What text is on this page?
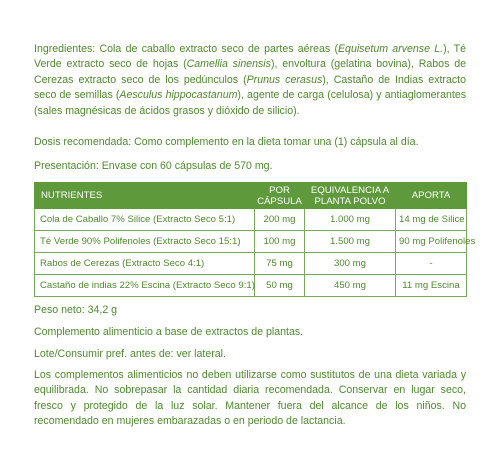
Ingredientes: Cola de caballo extracto seco de partes aéreas (Equisetum arvense L.), Té Verde extracto seco de hojas (Camellia sinensis), envoltura (gelatina bovina), Rabos de Cerezas extracto seco de los pedúnculos (Prunus cerasus), Castaño de Indias extracto seco de semillas (Aesculus hippocastanum), agente de carga (celulosa) y antiaglomerantes (sales magnésicas de ácidos grasos y dióxido de silicio).
Dosis recomendada: Como complemento en la dieta tomar una (1) cápsula al día.
Presentación: Envase con 60 cápsulas de 570 mg.
NUTRIENTES	POR CÁPSULA	EQUIVALENCIA A PLANTA POLVO	APORTA
Cola de Caballo 7% Silice (Extracto Seco 5:1)	200 mg	1.000 mg	14 mg de Silice
Té Verde 90% Polifenoles (Extracto Seco 15:1)	100 mg	1.500 mg	90 mg Polifenoles
Rabos de Cerezas (Extracto Seco 4:1)	75 mg	300 mg	-
Castaño de indias 22% Escina (Extracto Seco 9:1)	50 mg	450 mg	11 mg Escina
Peso neto: 34,2 g
Complemento alimenticio a base de extractos de plantas.
Lote/Consumir pref. antes de: ver lateral.
Los complementos alimenticios no deben utilizarse como sustitutos de una dieta variada y equilibrada. No sobrepasar la cantidad diaria recomendada. Conservar en lugar seco, fresco y protegido de la luz solar. Mantener fuera del alcance de los niños. No recomendado en mujeres embarazadas o en periodo de lactancia.
